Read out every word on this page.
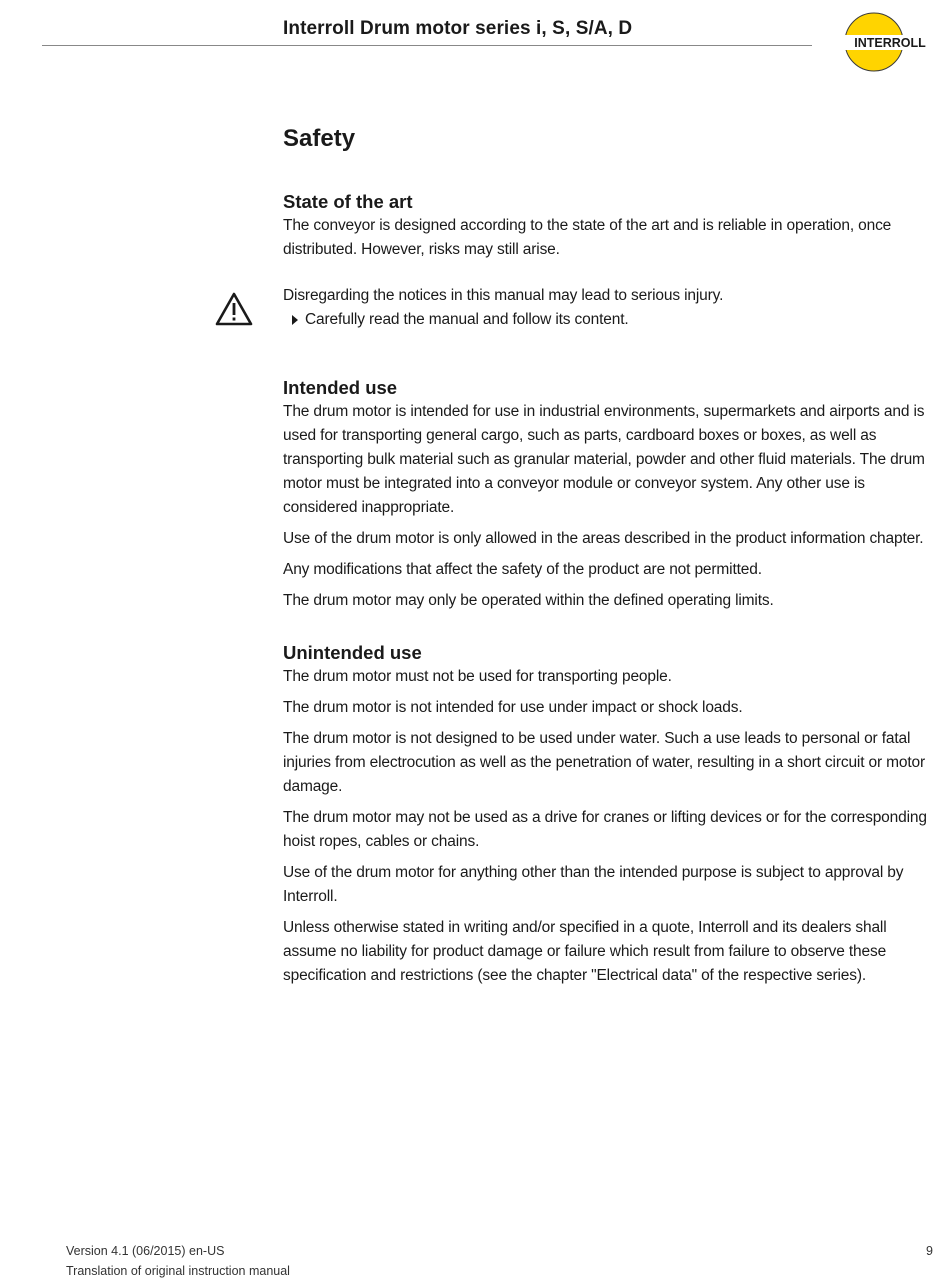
Interroll Drum motor series i, S, S/A, D
INTERROLL
Safety
State of the art

The conveyor is designed according to the state of the art and is reliable in operation, once distributed. However, risks may still arise.

Disregarding the notices in this manual may lead to serious injury.

Carefully read the manual and follow its content.

Intended use

The drum motor is intended for use in industrial environments, supermarkets and airports and is used for transporting general cargo, such as parts, cardboard boxes or boxes, as well as transporting bulk material such as granular material, powder and other fluid materials. The drum motor must be integrated into a conveyor module or conveyor system. Any other use is considered inappropriate.

Use of the drum motor is only allowed in the areas described in the product information chapter.

Any modifications that affect the safety of the product are not permitted.

The drum motor may only be operated within the defined operating limits.

Unintended use

The drum motor must not be used for transporting people.

The drum motor is not intended for use under impact or shock loads.

The drum motor is not designed to be used under water. Such a use leads to personal or fatal injuries from electrocution as well as the penetration of water, resulting in a short circuit or motor damage.

The drum motor may not be used as a drive for cranes or lifting devices or for the corresponding hoist ropes, cables or chains.

Use of the drum motor for anything other than the intended purpose is subject to approval by Interroll.

Unless otherwise stated in writing and/or specified in a quote, Interroll and its dealers shall assume no liability for product damage or failure which result from failure to observe these specification and restrictions (see the chapter "Electrical data" of the respective series).

Version 4.1 (06/2015) en-US
Translation of original instruction manual
9
